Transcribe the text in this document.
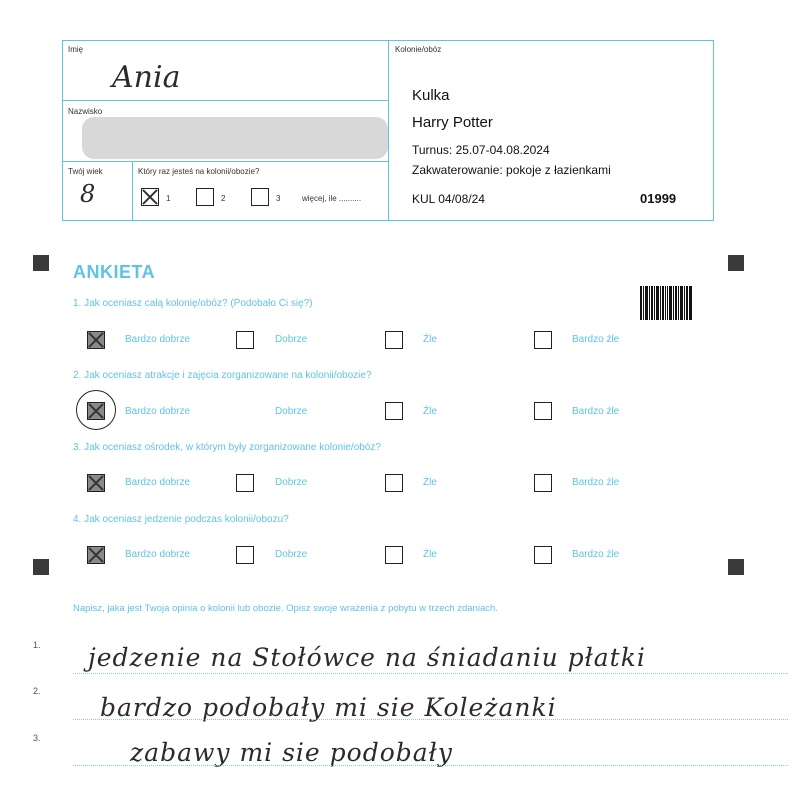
Imię
Ania
Nazwisko
Twój wiek
8
Który raz jesteś na kolonii/obozie?
1	2	3	więcej, ile ..........
Kolonie/obóz
Kulka
Harry Potter
Turnus: 25.07-04.08.2024
Zakwaterowanie: pokoje z łazienkami
KUL 04/08/24	01999
ANKIETA
1. Jak oceniasz całą kolonię/obóz? (Podobało Ci się?)
Bardzo dobrze	Dobrze	Źle	Bardzo źle
2. Jak oceniasz atrakcje i zajęcia zorganizowane na kolonii/obozie?
Bardzo dobrze	Dobrze	Źle	Bardzo źle
3. Jak oceniasz ośrodek, w którym były zorganizowane kolonie/obóz?
Bardzo dobrze	Dobrze	Źle	Bardzo źle
4. Jak oceniasz jedzenie podczas kolonii/obozu?
Bardzo dobrze	Dobrze	Źle	Bardzo źle
Napisz, jaka jest Twoja opinia o kolonii lub obozie. Opisz swoje wrażenia z pobytu w trzech zdaniach.
1. jedzenie na Stołówce na śniadaniu płatki
2.
bardzo podobały mi sie Koleżanki
3.	zabawy mi sie podobały
